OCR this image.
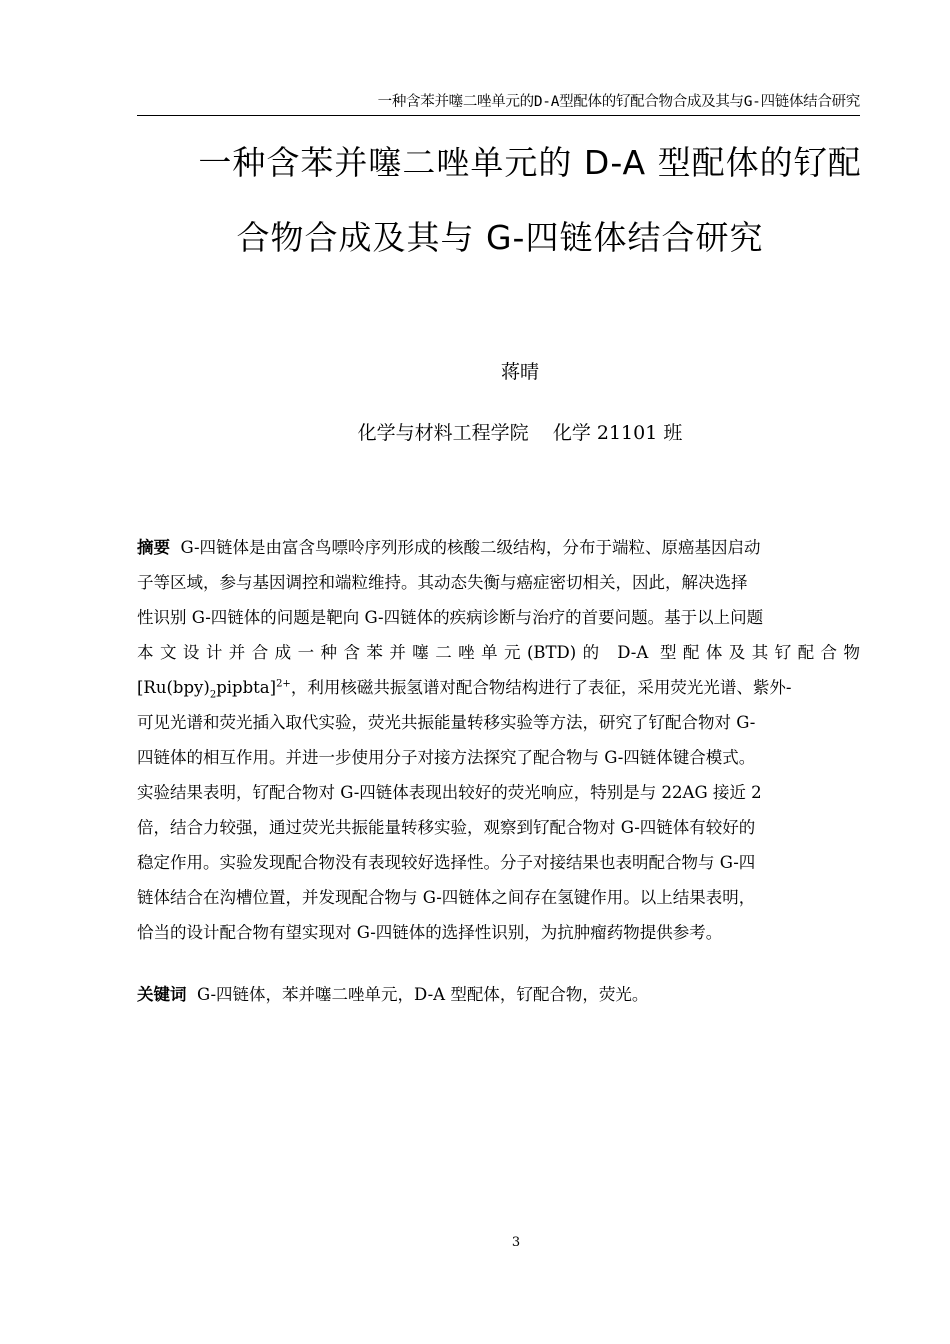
一种含苯并噻二唑单元的D-A型配体的钌配合物合成及其与G-四链体结合研究
一种含苯并噻二唑单元的 D-A 型配体的钌配
合物合成及其与 G-四链体结合研究
蒋晴
化学与材料工程学院    化学 21101 班
摘要 G-四链体是由富含鸟嘌呤序列形成的核酸二级结构，分布于端粒、原癌基因启动
子等区域，参与基因调控和端粒维持。其动态失衡与癌症密切相关，因此，解决选择
性识别 G-四链体的问题是靶向 G-四链体的疾病诊断与治疗的首要问题。基于以上问题
本文设计并合成一种含苯并噻二唑单元(BTD)的 D-A 型配体及其钌配合物
$[Ru(bpy)_2pipbta]^{2+}$，利用核磁共振氢谱对配合物结构进行了表征，采用荧光光谱、紫外-
可见光谱和荧光插入取代实验，荧光共振能量转移实验等方法，研究了钌配合物对 G-
四链体的相互作用。并进一步使用分子对接方法探究了配合物与 G-四链体键合模式。
实验结果表明，钌配合物对 G-四链体表现出较好的荧光响应，特别是与 22AG 接近 2
倍，结合力较强，通过荧光共振能量转移实验，观察到钌配合物对 G-四链体有较好的
稳定作用。实验发现配合物没有表现较好选择性。分子对接结果也表明配合物与 G-四
链体结合在沟槽位置，并发现配合物与 G-四链体之间存在氢键作用。以上结果表明，
恰当的设计配合物有望实现对 G-四链体的选择性识别，为抗肿瘤药物提供参考。
关键词 G-四链体，苯并噻二唑单元，D-A 型配体，钌配合物，荧光。
3
